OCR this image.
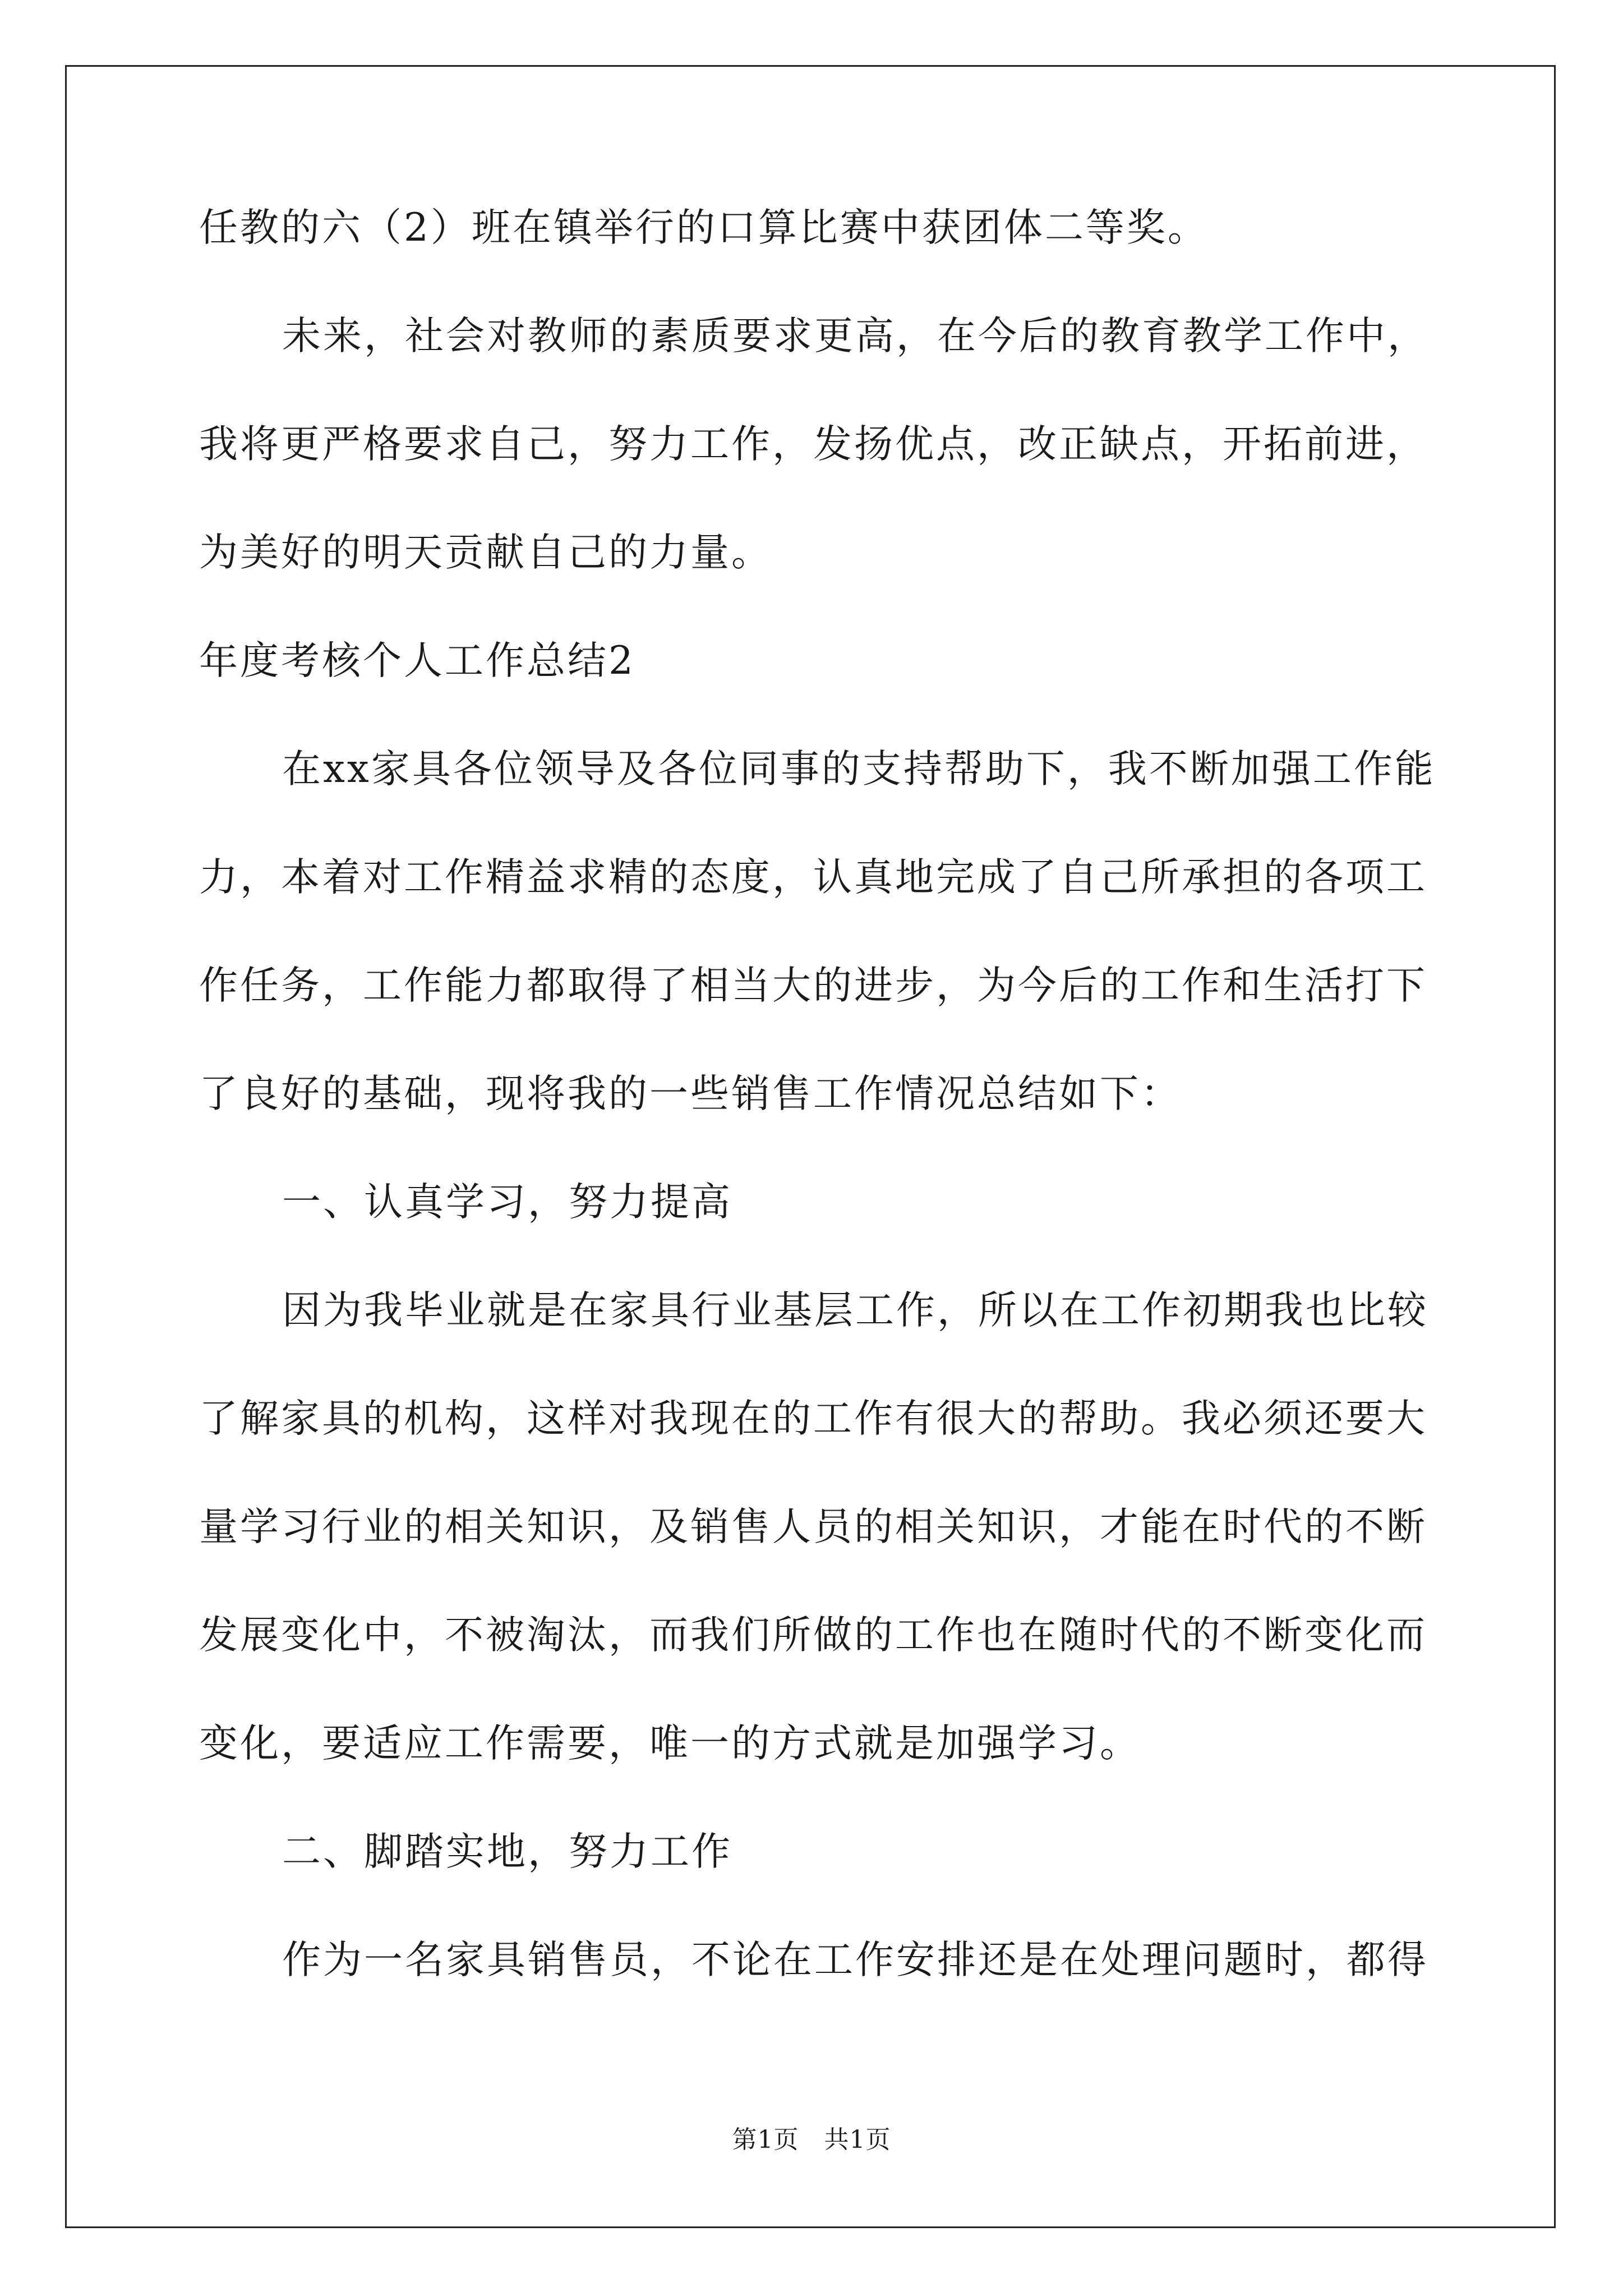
任教的六（2）班在镇举行的口算比赛中获团体二等奖。
未来，社会对教师的素质要求更高，在今后的教育教学工作中，
我将更严格要求自己，努力工作，发扬优点，改正缺点，开拓前进，
为美好的明天贡献自己的力量。
年度考核个人工作总结2
在xx家具各位领导及各位同事的支持帮助下，我不断加强工作能
力，本着对工作精益求精的态度，认真地完成了自己所承担的各项工
作任务，工作能力都取得了相当大的进步，为今后的工作和生活打下
了良好的基础，现将我的一些销售工作情况总结如下：
一、认真学习，努力提高
因为我毕业就是在家具行业基层工作，所以在工作初期我也比较
了解家具的机构，这样对我现在的工作有很大的帮助。我必须还要大
量学习行业的相关知识，及销售人员的相关知识，才能在时代的不断
发展变化中，不被淘汰，而我们所做的工作也在随时代的不断变化而
变化，要适应工作需要，唯一的方式就是加强学习。
二、脚踏实地，努力工作
作为一名家具销售员，不论在工作安排还是在处理问题时，都得
第1页 共1页
